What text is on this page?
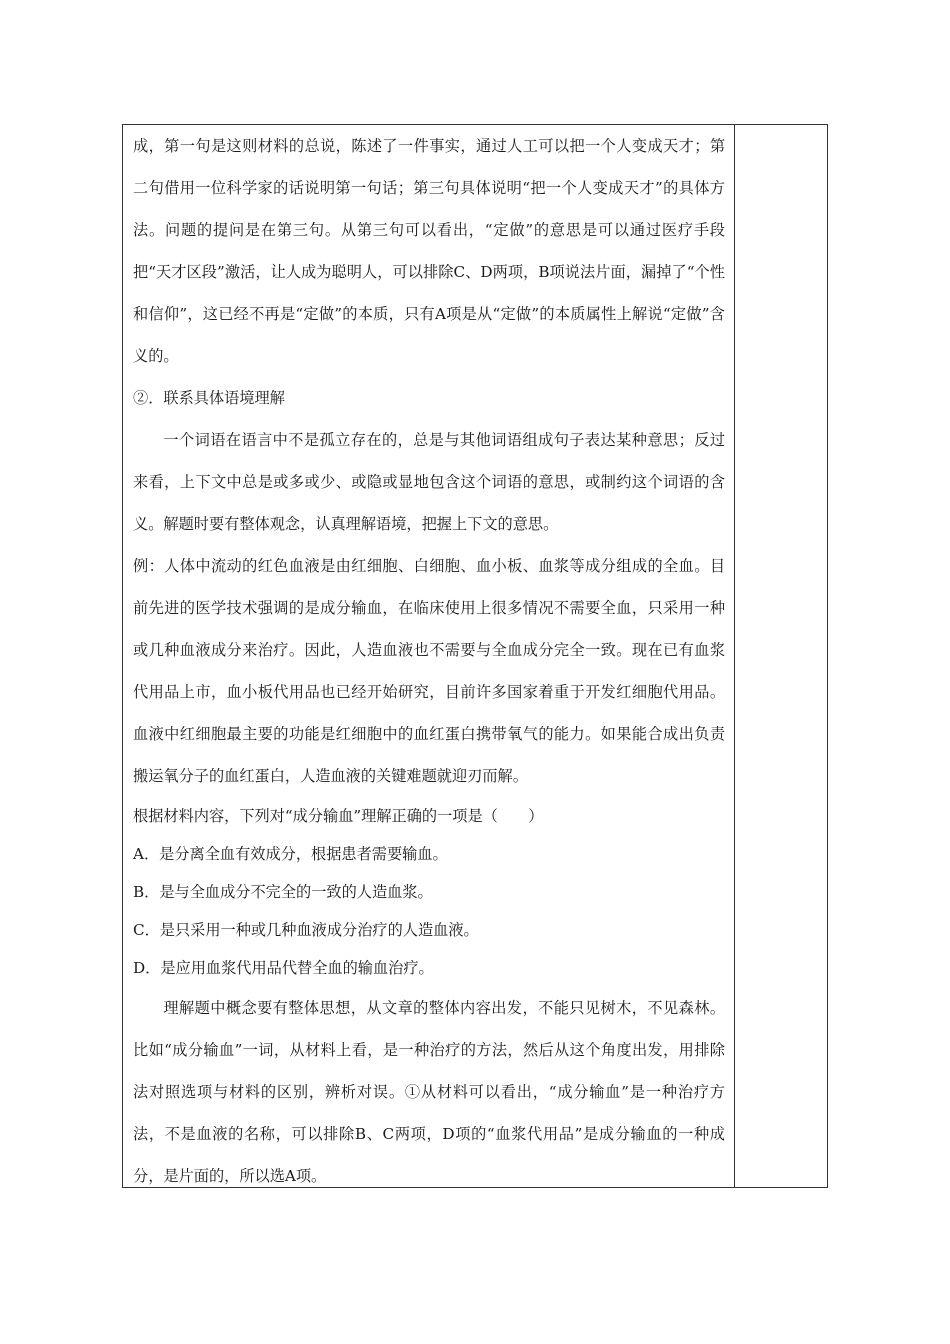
成，第一句是这则材料的总说，陈述了一件事实，通过人工可以把一个人变成天才；第二句借用一位科学家的话说明第一句话；第三句具体说明“把一个人变成天才”的具体方法。问题的提问是在第三句。从第三句可以看出，“定做”的意思是可以通过医疗手段把“天才区段”激活，让人成为聪明人，可以排除C、D两项，B项说法片面，漏掉了“个性和信仰”，这已经不再是“定做”的本质，只有A项是从“定做”的本质属性上解说“定做”含义的。

②．联系具体语境理解

一个词语在语言中不是孤立存在的，总是与其他词语组成句子表达某种意思；反过来看，上下文中总是或多或少、或隐或显地包含这个词语的意思，或制约这个词语的含义。解题时要有整体观念，认真理解语境，把握上下文的意思。

例：人体中流动的红色血液是由红细胞、白细胞、血小板、血浆等成分组成的全血。目前先进的医学技术强调的是成分输血，在临床使用上很多情况不需要全血，只采用一种或几种血液成分来治疗。因此，人造血液也不需要与全血成分完全一致。现在已有血浆代用品上市，血小板代用品也已经开始研究，目前许多国家着重于开发红细胞代用品。血液中红细胞最主要的功能是红细胞中的血红蛋白携带氧气的能力。如果能合成出负责搬运氧分子的血红蛋白，人造血液的关键难题就迎刃而解。

根据材料内容，下列对“成分输血”理解正确的一项是（　　）

A．是分离全血有效成分，根据患者需要输血。

B．是与全血成分不完全的一致的人造血浆。

C．是只采用一种或几种血液成分治疗的人造血液。

D．是应用血浆代用品代替全血的输血治疗。

理解题中概念要有整体思想，从文章的整体内容出发，不能只见树木，不见森林。比如“成分输血”一词，从材料上看，是一种治疗的方法，然后从这个角度出发，用排除法对照选项与材料的区别，辨析对误。①从材料可以看出，“成分输血”是一种治疗方法，不是血液的名称，可以排除B、C两项，D项的“血浆代用品”是成分输血的一种成分，是片面的，所以选A项。
